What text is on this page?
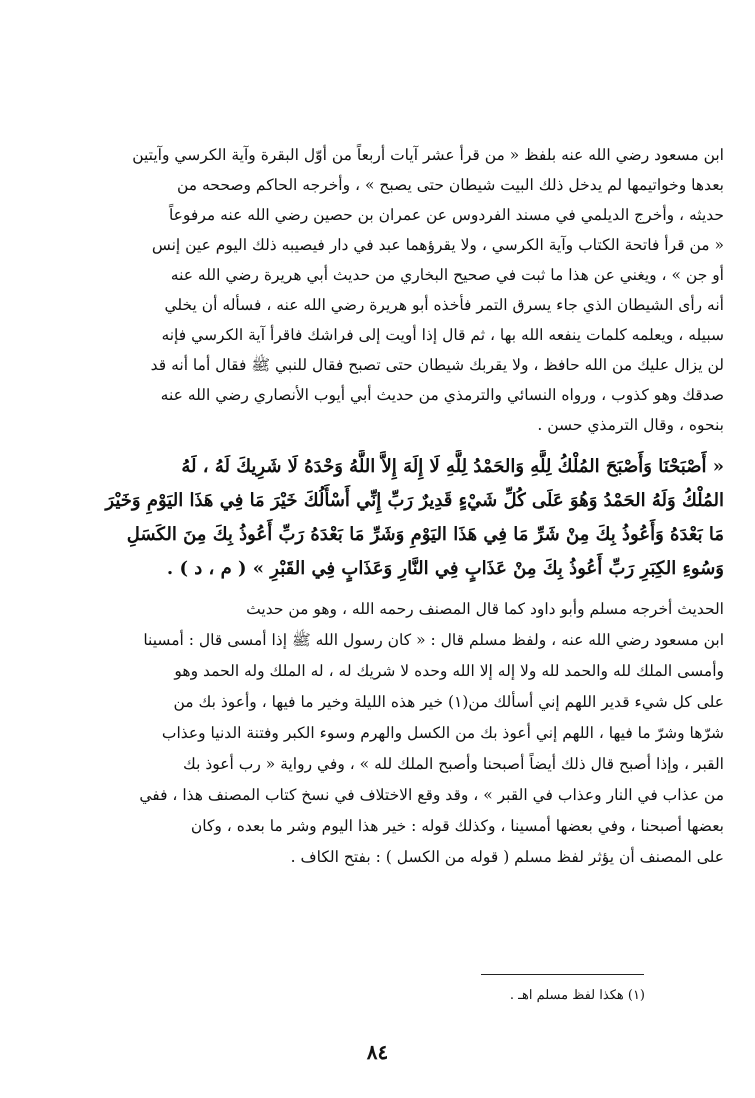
ابن مسعود رضي الله عنه بلفظ « من قرأ عشر آيات أربعاً من أوّل البقرة وآية الكرسي وآيتين
بعدها وخواتيمها لم يدخل ذلك البيت شيطان حتى يصبح » ، وأخرجه الحاكم وصححه من
حديثه ، وأخرج الديلمي في مسند الفردوس عن عمران بن حصين رضي الله عنه مرفوعاً
« من قرأ فاتحة الكتاب وآية الكرسي ، ولا يقرؤهما عبد في دار فيصيبه ذلك اليوم عين إنس
أو جن » ، ويغني عن هذا ما ثبت في صحيح البخاري من حديث أبي هريرة رضي الله عنه
أنه رأى الشيطان الذي جاء يسرق التمر فأخذه أبو هريرة رضي الله عنه ، فسأله أن يخلي
سبيله ، ويعلمه كلمات ينفعه الله بها ، ثم قال إذا أويت إلى فراشك فاقرأ آية الكرسي فإنه
لن يزال عليك من الله حافظ ، ولا يقربك شيطان حتى تصبح فقال للنبي ﷺ فقال أما أنه قد
صدقك وهو كذوب ، ورواه النسائي والترمذي من حديث أبي أيوب الأنصاري رضي الله عنه
بنحوه ، وقال الترمذي حسن .
« أَصْبَحْنَا وَأَصْبَحَ المُلْكُ لِلَّهِ وَالحَمْدُ لِلَّهِ لَا إِلَهَ إِلاَّ اللَّهُ وَحْدَهُ لَا شَرِيكَ لَهُ ، لَهُ
المُلْكُ وَلَهُ الحَمْدُ وَهُوَ عَلَى كُلِّ شَيْءٍ قَدِيرٌ رَبِّ إِنِّي أَسْأَلُكَ خَيْرَ مَا فِي هَذَا اليَوْمِ وَخَيْرَ
مَا بَعْدَهُ وَأَعُوذُ بِكَ مِنْ شَرِّ مَا فِي هَذَا اليَوْمِ وَشَرِّ مَا بَعْدَهُ رَبِّ أَعُوذُ بِكَ مِنَ الكَسَلِ
وَسُوءِ الكِبَرِ رَبِّ أَعُوذُ بِكَ مِنْ عَذَابٍ فِي النَّارِ وَعَذَابٍ فِي القَبْرِ » ( م ، د ) .
الحديث أخرجه مسلم وأبو داود كما قال المصنف رحمه الله ، وهو من حديث
ابن مسعود رضي الله عنه ، ولفظ مسلم قال : « كان رسول الله ﷺ إذا أمسى قال : أمسينا
وأمسى الملك لله والحمد لله ولا إله إلا الله وحده لا شريك له ، له الملك وله الحمد وهو
على كل شيء قدير اللهم إني أسألك من(١) خير هذه الليلة وخير ما فيها ، وأعوذ بك من
شرّها وشرّ ما فيها ، اللهم إني أعوذ بك من الكسل والهرم وسوء الكبر وفتنة الدنيا وعذاب
القبر ، وإذا أصبح قال ذلك أيضاً أصبحنا وأصبح الملك لله » ، وفي رواية « رب أعوذ بك
من عذاب في النار وعذاب في القبر » ، وقد وقع الاختلاف في نسخ كتاب المصنف هذا ، ففي
بعضها أصبحنا ، وفي بعضها أمسينا ، وكذلك قوله : خير هذا اليوم وشر ما بعده ، وكان
على المصنف أن يؤثر لفظ مسلم ( قوله من الكسل ) : بفتح الكاف .
(١) هكذا لفظ مسلم اهـ .
٨٤
